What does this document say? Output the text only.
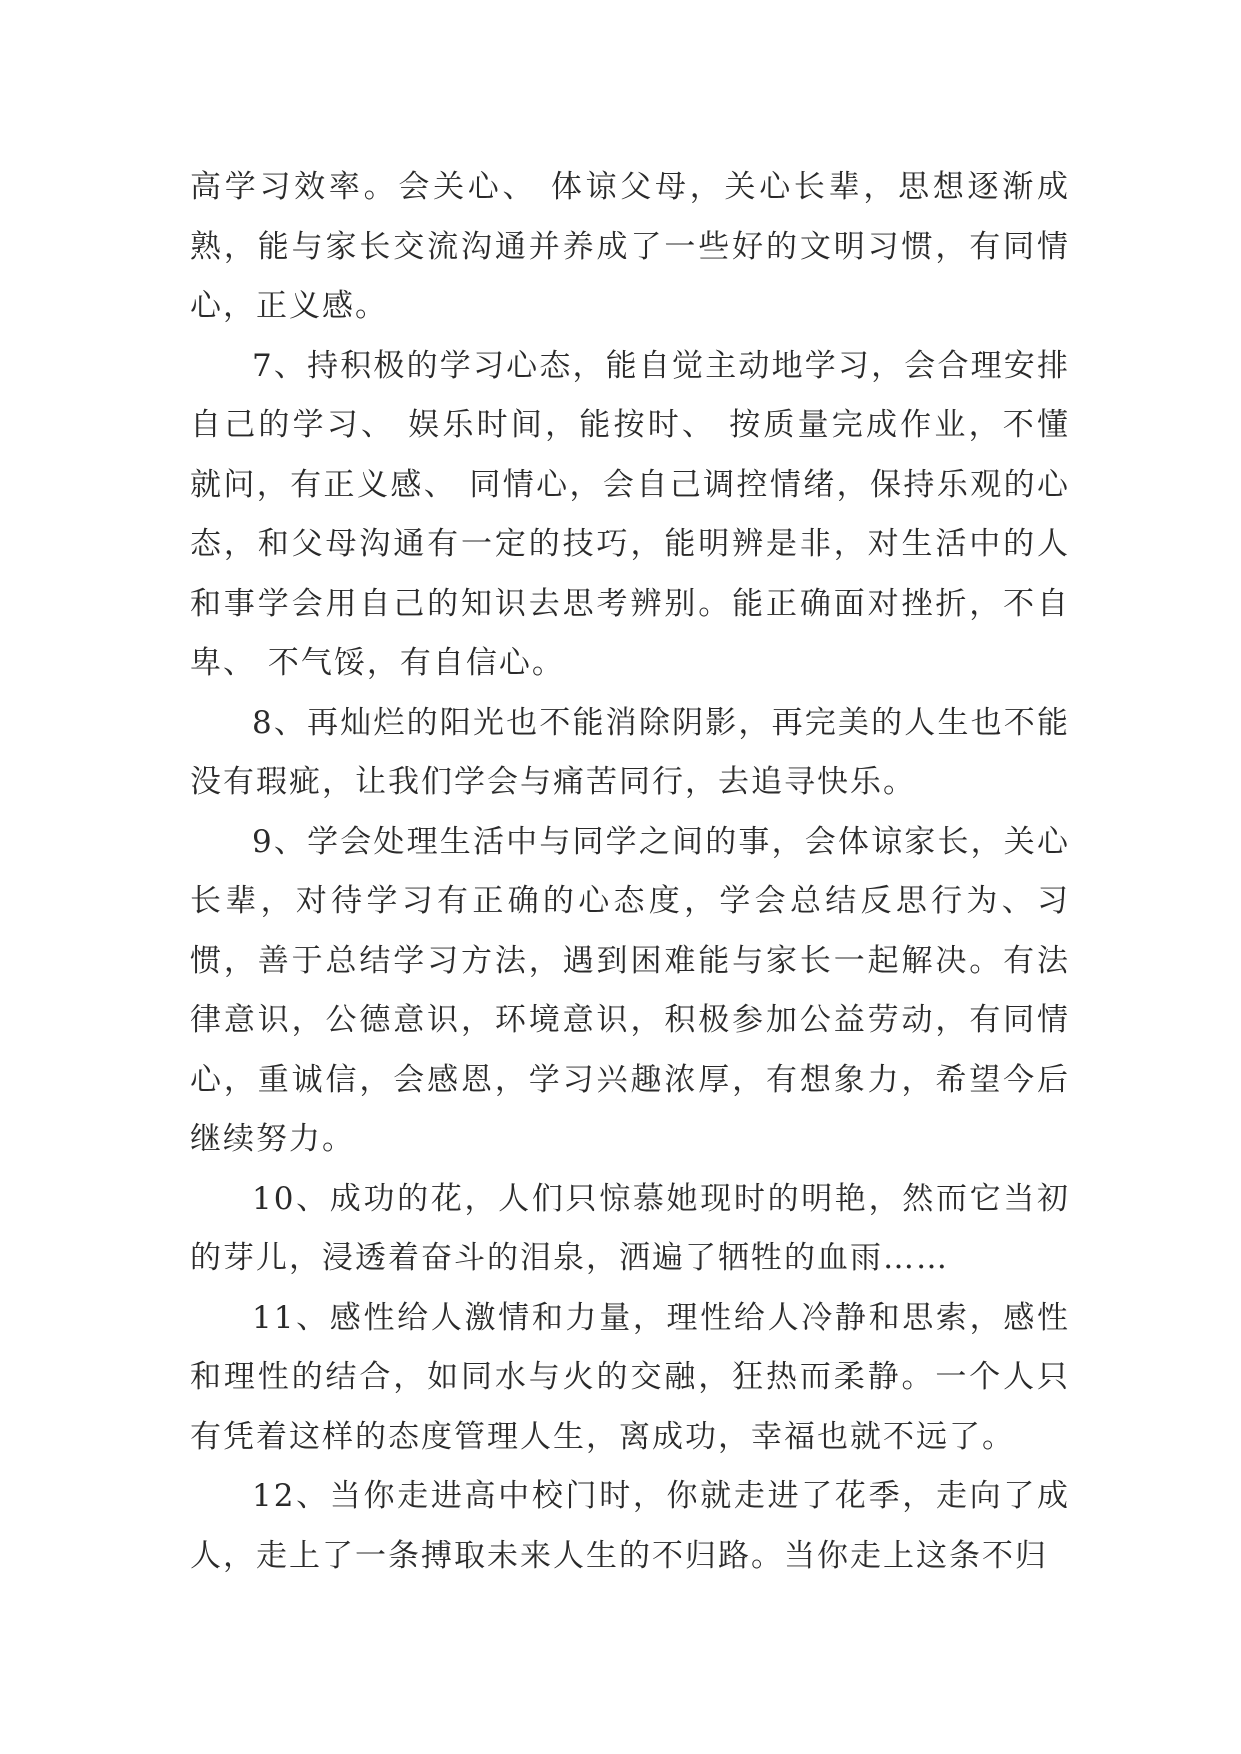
高学习效率。会关心、 体谅父母，关心长辈，思想逐渐成熟，能与家长交流沟通并养成了一些好的文明习惯，有同情心，正义感。

7、持积极的学习心态，能自觉主动地学习，会合理安排自己的学习、 娱乐时间，能按时、 按质量完成作业，不懂就问，有正义感、 同情心，会自己调控情绪，保持乐观的心态，和父母沟通有一定的技巧，能明辨是非，对生活中的人和事学会用自己的知识去思考辨别。能正确面对挫折，不自卑、 不气馁，有自信心。

8、再灿烂的阳光也不能消除阴影，再完美的人生也不能没有瑕疵，让我们学会与痛苦同行，去追寻快乐。

9、学会处理生活中与同学之间的事，会体谅家长，关心长辈，对待学习有正确的心态度，学会总结反思行为、习惯，善于总结学习方法，遇到困难能与家长一起解决。有法律意识，公德意识，环境意识，积极参加公益劳动，有同情心，重诚信，会感恩，学习兴趣浓厚，有想象力，希望今后继续努力。

10、成功的花，人们只惊慕她现时的明艳，然而它当初的芽儿，浸透着奋斗的泪泉，洒遍了牺牲的血雨……

11、感性给人激情和力量，理性给人冷静和思索，感性和理性的结合，如同水与火的交融，狂热而柔静。一个人只有凭着这样的态度管理人生，离成功，幸福也就不远了。

12、当你走进高中校门时，你就走进了花季，走向了成人，走上了一条搏取未来人生的不归路。当你走上这条不归
